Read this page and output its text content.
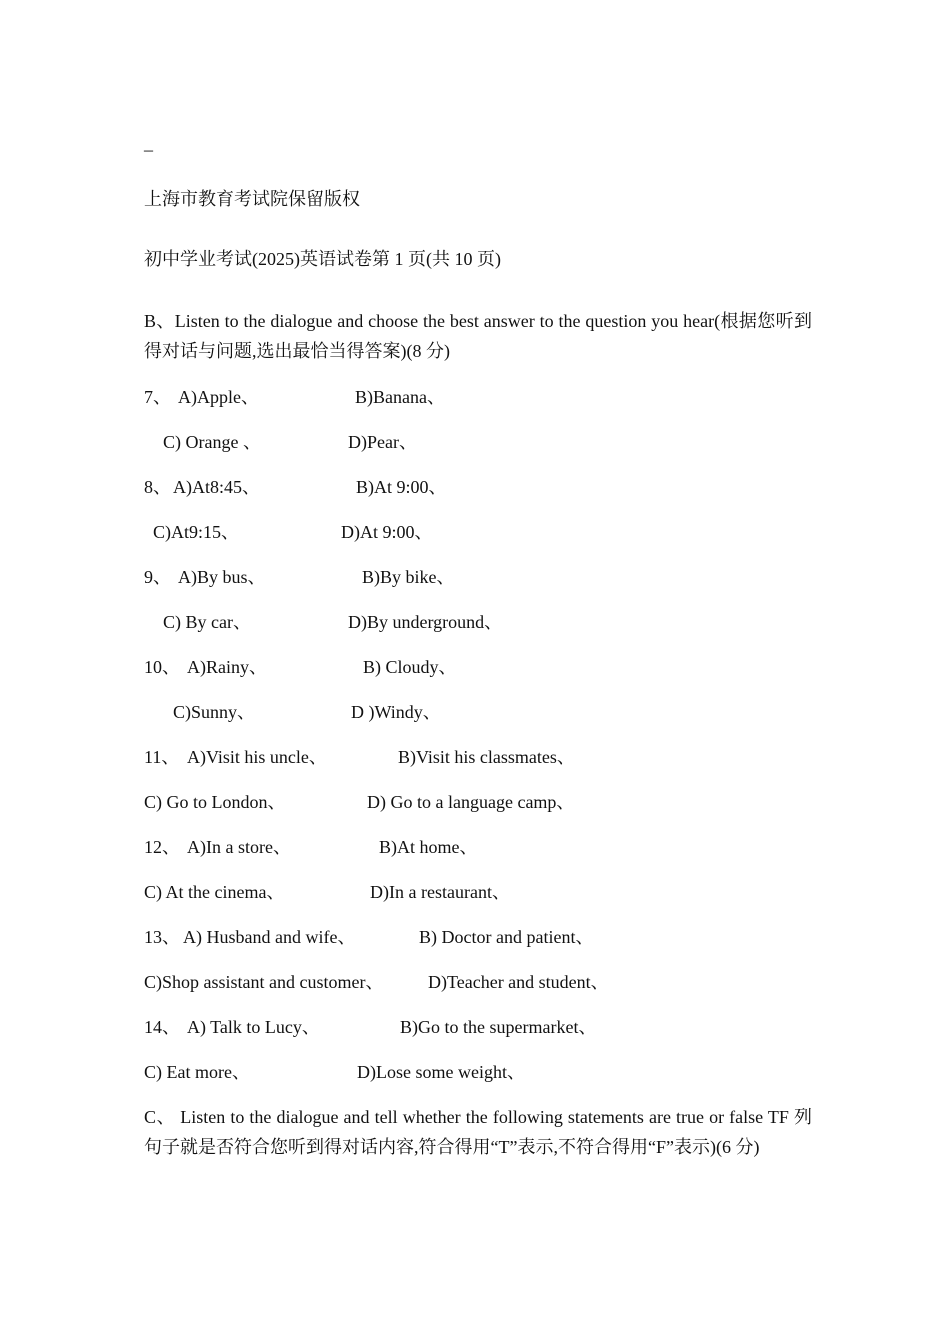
_
上海市教育考试院保留版权
初中学业考试(2025)英语试卷第 1 页(共 10 页)
B、Listen to the dialogue and choose the best answer to the question you hear(根据您听到得对话与问题,选出最恰当得答案)(8 分)
7、 A)Apple、	B)Banana、
C) Orange 、	D)Pear、
8、 A)At8:45、	B)At 9:00、
C)At9:15、	D)At 9:00、
9、 A)By bus、	B)By bike、
C) By car、	D)By underground、
10、 A)Rainy、	B) Cloudy、
C)Sunny、	D )Windy、
11、 A)Visit his uncle、	B)Visit his classmates、
C) Go to London、	D) Go to a language camp、
12、 A)In a store、	B)At home、
C) At the cinema、	D)In a restaurant、
13、 A) Husband and wife、	B) Doctor and patient、
C)Shop assistant and customer、 D)Teacher and student、
14、 A) Talk to Lucy、	B)Go to the supermarket、
C) Eat more、	D)Lose some weight、
C、 Listen to the dialogue and tell whether the following statements are true or false TF 列句子就是否符合您听到得对话内容,符合得用“T”表示,不符合得用“F”表示)(6 分)
